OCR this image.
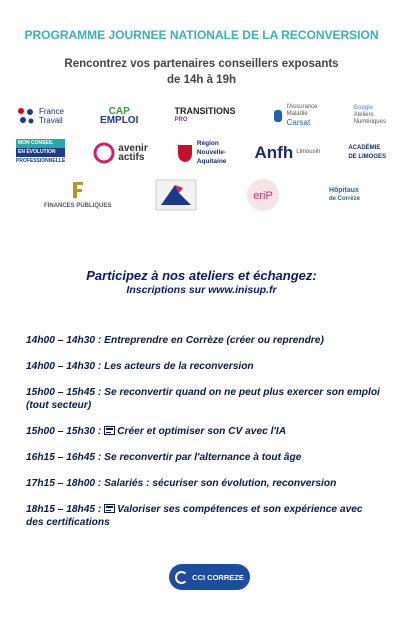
PROGRAMME JOURNEE NATIONALE DE LA RECONVERSION
Rencontrez vos partenaires conseillers exposants
de 14h à 19h
France
Travail
CAP
EMPLOI
TRANSITIONS
PRO
l'Assurance
Maladie
Carsat
Google
Ateliers
Numériques
MON CONSEIL
EN ÉVOLUTION
PROFESSIONNELLE
avenir
actifs
Région
Nouvelle-
Aquitaine Anfh Limousin
ACADÉMIE
DE LIMOGES
FINANCES PUBLIQUES
eriP	Hôpitaux
de Corrèze
Participez à nos ateliers et échangez:
Inscriptions sur www.inisup.fr
14h00 – 14h30 : Entreprendre en Corrèze (créer ou reprendre)
14h00 – 14h30 : Les acteurs de la reconversion
15h00 – 15h45 : Se reconvertir quand on ne peut plus exercer son emploi (tout secteur)
15h00 – 15h30 : Créer et optimiser son CV avec l'IA
16h15 – 16h45 : Se reconvertir par l'alternance à tout âge
17h15 – 18h00 : Salariés : sécuriser son évolution, reconversion
18h15 – 18h45 : Valoriser ses compétences et son expérience avec des certifications
CCI CORREZE
